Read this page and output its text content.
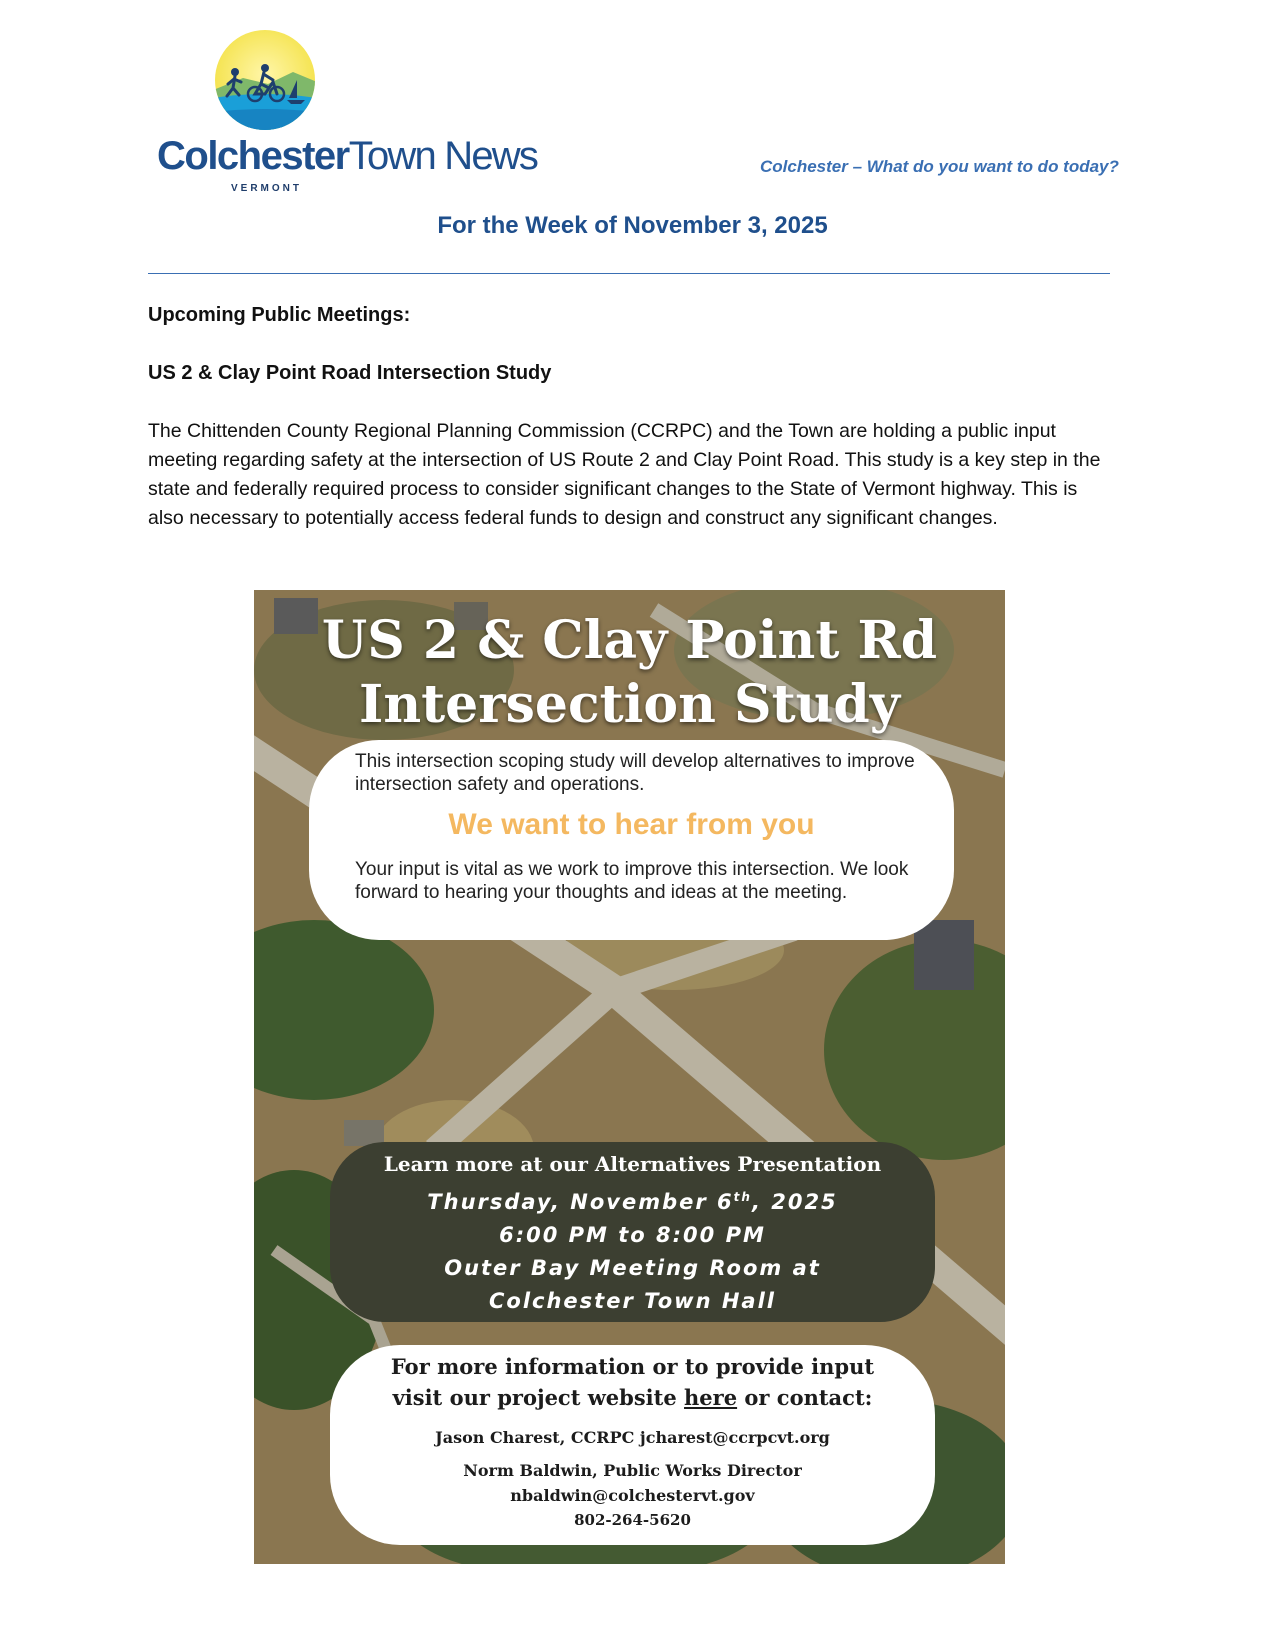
ColchesterTown News
VERMONT
Colchester – What do you want to do today?
For the Week of November 3, 2025
Upcoming Public Meetings:
US 2 & Clay Point Road Intersection Study
The Chittenden County Regional Planning Commission (CCRPC) and the Town are holding a public input meeting regarding safety at the intersection of US Route 2 and Clay Point Road. This study is a key step in the state and federally required process to consider significant changes to the State of Vermont highway. This is also necessary to potentially access federal funds to design and construct any significant changes.
US 2 & Clay Point Rd
Intersection Study
This intersection scoping study will develop alternatives to improve intersection safety and operations.
We want to hear from you
Your input is vital as we work to improve this intersection. We look forward to hearing your thoughts and ideas at the meeting.
Learn more at our Alternatives Presentation
Thursday, November 6th, 2025
6:00 PM to 8:00 PM
Outer Bay Meeting Room at
Colchester Town Hall
For more information or to provide input
visit our project website here or contact:
Jason Charest, CCRPC jcharest@ccrpcvt.org
Norm Baldwin, Public Works Director
nbaldwin@colchestervt.gov
802-264-5620
